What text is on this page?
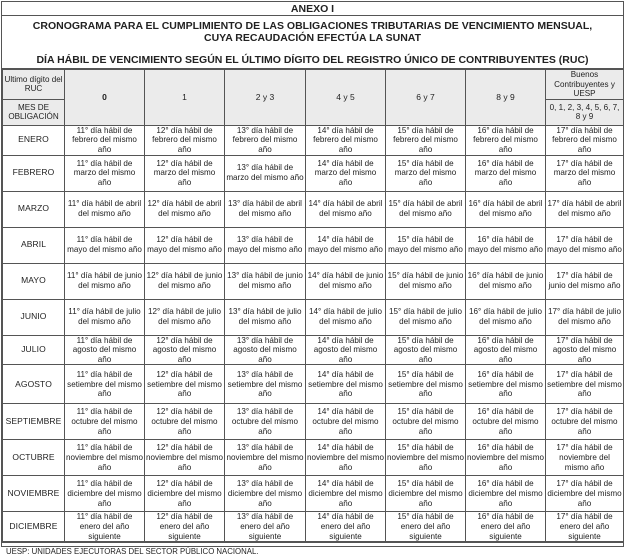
ANEXO I
CRONOGRAMA PARA EL CUMPLIMIENTO DE LAS OBLIGACIONES TRIBUTARIAS DE VENCIMIENTO MENSUAL,
CUYA RECAUDACIÓN EFECTÚA LA SUNAT
DÍA HÁBIL DE VENCIMIENTO SEGÚN EL ÚLTIMO DÍGITO DEL REGISTRO ÚNICO DE CONTRIBUYENTES (RUC)
Ultimo dígito del RUC	0	1	2 y 3	4 y 5	6 y 7	8 y 9	Buenos Contribuyentes y UESP
MES DE OBLIGACIÓN							0, 1, 2, 3, 4, 5, 6, 7, 8 y 9
ENERO	11° día hábil de febrero del mismo año	12° día hábil de febrero del mismo año	13° día hábil de febrero del mismo año	14° día hábil de febrero del mismo año	15° día hábil de febrero del mismo año	16° día hábil de febrero del mismo año	17° día hábil de febrero del mismo año
FEBRERO	11° día hábil de marzo del mismo año	12° día hábil de marzo del mismo año	13° día hábil de marzo del mismo año	14° día hábil de marzo del mismo año	15° día hábil de marzo del mismo año	16° día hábil de marzo del mismo año	17° día hábil de marzo del mismo año
MARZO	11° día hábil de abril del mismo año	12° día hábil de abril del mismo año	13° día hábil de abril del mismo año	14° día hábil de abril del mismo año	15° día hábil de abril del mismo año	16° día hábil de abril del mismo año	17° día hábil de abril del mismo año
ABRIL	11° día hábil de mayo del mismo año	12° día hábil de mayo del mismo año	13° día hábil de mayo del mismo año	14° día hábil de mayo del mismo año	15° día hábil de mayo del mismo año	16° día hábil de mayo del mismo año	17° día hábil de mayo del mismo año
MAYO	11° día hábil de junio del mismo año	12° día hábil de junio del mismo año	13° día hábil de junio del mismo año	14° día hábil de junio del mismo año	15° día hábil de junio del mismo año	16° día hábil de junio del mismo año	17° día hábil de junio del mismo año
JUNIO	11° día hábil de julio del mismo año	12° día hábil de julio del mismo año	13° día hábil de julio del mismo año	14° día hábil de julio del mismo año	15° día hábil de julio del mismo año	16° día hábil de julio del mismo año	17° día hábil de julio del mismo año
JULIO	11° día hábil de agosto del mismo año	12° día hábil de agosto del mismo año	13° día hábil de agosto del mismo año	14° día hábil de agosto del mismo año	15° día hábil de agosto del mismo año	16° día hábil de agosto del mismo año	17° día hábil de agosto del mismo año
AGOSTO	11° día hábil de setiembre del mismo año	12° día hábil de setiembre del mismo año	13° día hábil de setiembre del mismo año	14° día hábil de setiembre del mismo año	15° día hábil de setiembre del mismo año	16° día hábil de setiembre del mismo año	17° día hábil de setiembre del mismo año
SEPTIEMBRE	11° día hábil de octubre del mismo año	12° día hábil de octubre del mismo año	13° día hábil de octubre del mismo año	14° día hábil de octubre del mismo año	15° día hábil de octubre del mismo año	16° día hábil de octubre del mismo año	17° día hábil de octubre del mismo año
OCTUBRE	11° día hábil de noviembre del mismo año	12° día hábil de noviembre del mismo año	13° día hábil de noviembre del mismo año	14° día hábil de noviembre del mismo año	15° día hábil de noviembre del mismo año	16° día hábil de noviembre del mismo año	17° día hábil de noviembre del mismo año
NOVIEMBRE	11° día hábil de diciembre del mismo año	12° día hábil de diciembre del mismo año	13° día hábil de diciembre del mismo año	14° día hábil de diciembre del mismo año	15° día hábil de diciembre del mismo año	16° día hábil de diciembre del mismo año	17° día hábil de diciembre del mismo año
DICIEMBRE	11° día hábil de enero del año siguiente	12° día hábil de enero del año siguiente	13° día hábil de enero del año siguiente	14° día hábil de enero del año siguiente	15° día hábil de enero del año siguiente	16° día hábil de enero del año siguiente	17° día hábil de enero del año siguiente
UESP: UNIDADES EJECUTORAS DEL SECTOR PÚBLICO NACIONAL.
